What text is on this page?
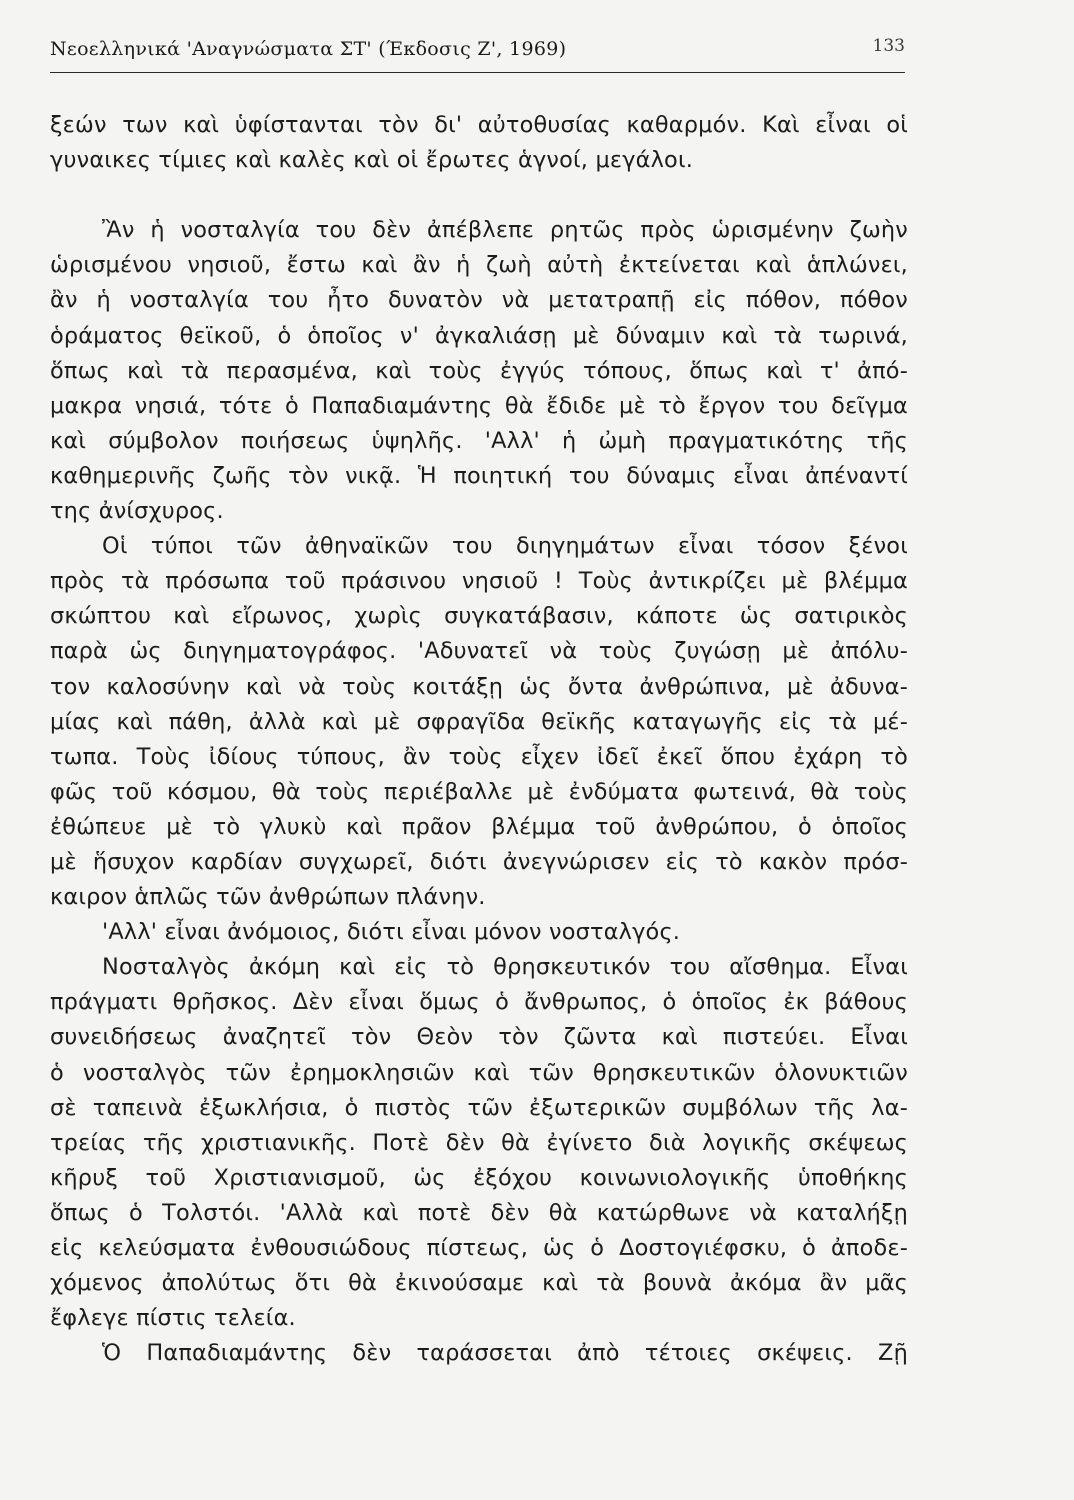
Νεοελληνικά 'Αναγνώσματα ΣΤ' (Έκδοσις Ζ', 1969)	133
ξεών των καὶ ὑφίστανται τὸν δι' αὐτοθυσίας καθαρμόν. Καὶ εἶναι οἱ
γυναικες τίμιες καὶ καλὲς καὶ οἱ ἔρωτες ἁγνοί, μεγάλοι.
Ἂν ἡ νοσταλγία του δὲν ἀπέβλεπε ρητῶς πρὸς ὡρισμένην ζωὴν
ὡρισμένου νησιοῦ, ἔστω καὶ ἂν ἡ ζωὴ αὐτὴ ἐκτείνεται καὶ ἁπλώνει,
ἂν ἡ νοσταλγία του ἦτο δυνατὸν νὰ μετατραπῇ εἰς πόθον, πόθον
ὁράματος θεϊκοῦ, ὁ ὁποῖος ν' ἀγκαλιάσῃ μὲ δύναμιν καὶ τὰ τωρινά,
ὅπως καὶ τὰ περασμένα, καὶ τοὺς ἐγγύς τόπους, ὅπως καὶ τ' ἀπό-
μακρα νησιά, τότε ὁ Παπαδιαμάντης θὰ ἔδιδε μὲ τὸ ἔργον του δεῖγμα
καὶ σύμβολον ποιήσεως ὑψηλῆς. 'Αλλ' ἡ ὠμὴ πραγματικότης τῆς
καθημερινῆς ζωῆς τὸν νικᾷ. Ἡ ποιητική του δύναμις εἶναι ἀπέναντί
της ἀνίσχυρος.
Οἱ τύποι τῶν ἀθηναϊκῶν του διηγημάτων εἶναι τόσον ξένοι
πρὸς τὰ πρόσωπα τοῦ πράσινου νησιοῦ ! Τοὺς ἀντικρίζει μὲ βλέμμα
σκώπτου καὶ εἴρωνος, χωρὶς συγκατάβασιν, κάποτε ὡς σατιρικὸς
παρὰ ὡς διηγηματογράφος. 'Αδυνατεῖ νὰ τοὺς ζυγώσῃ μὲ ἀπόλυ-
τον καλοσύνην καὶ νὰ τοὺς κοιτάξῃ ὡς ὄντα ἀνθρώπινα, μὲ ἀδυνα-
μίας καὶ πάθη, ἀλλὰ καὶ μὲ σφραγῖδα θεϊκῆς καταγωγῆς εἰς τὰ μέ-
τωπα. Τοὺς ἰδίους τύπους, ἂν τοὺς εἶχεν ἰδεῖ ἐκεῖ ὅπου ἐχάρη τὸ
φῶς τοῦ κόσμου, θὰ τοὺς περιέβαλλε μὲ ἐνδύματα φωτεινά, θὰ τοὺς
ἐθώπευε μὲ τὸ γλυκὺ καὶ πρᾶον βλέμμα τοῦ ἀνθρώπου, ὁ ὁποῖος
μὲ ἥσυχον καρδίαν συγχωρεῖ, διότι ἀνεγνώρισεν εἰς τὸ κακὸν πρόσ-
καιρον ἁπλῶς τῶν ἀνθρώπων πλάνην.
'Αλλ' εἶναι ἀνόμοιος, διότι εἶναι μόνον νοσταλγός.
Νοσταλγὸς ἀκόμη καὶ εἰς τὸ θρησκευτικόν του αἴσθημα. Εἶναι
πράγματι θρῆσκος. Δὲν εἶναι ὅμως ὁ ἄνθρωπος, ὁ ὁποῖος ἐκ βάθους
συνειδήσεως ἀναζητεῖ τὸν Θεὸν τὸν ζῶντα καὶ πιστεύει. Εἶναι
ὁ νοσταλγὸς τῶν ἐρημοκλησιῶν καὶ τῶν θρησκευτικῶν ὁλονυκτιῶν
σὲ ταπεινὰ ἐξωκλήσια, ὁ πιστὸς τῶν ἐξωτερικῶν συμβόλων τῆς λα-
τρείας τῆς χριστιανικῆς. Ποτὲ δὲν θὰ ἐγίνετο διὰ λογικῆς σκέψεως
κῆρυξ τοῦ Χριστιανισμοῦ, ὡς ἐξόχου κοινωνιολογικῆς ὑποθήκης
ὅπως ὁ Τολστόι. 'Αλλὰ καὶ ποτὲ δὲν θὰ κατώρθωνε νὰ καταλήξῃ
εἰς κελεύσματα ἐνθουσιώδους πίστεως, ὡς ὁ Δοστογιέφσκυ, ὁ ἀποδε-
χόμενος ἀπολύτως ὅτι θὰ ἐκινούσαμε καὶ τὰ βουνὰ ἀκόμα ἂν μᾶς
ἔφλεγε πίστις τελεία.
Ὁ Παπαδιαμάντης δὲν ταράσσεται ἀπὸ τέτοιες σκέψεις. Ζῇ
